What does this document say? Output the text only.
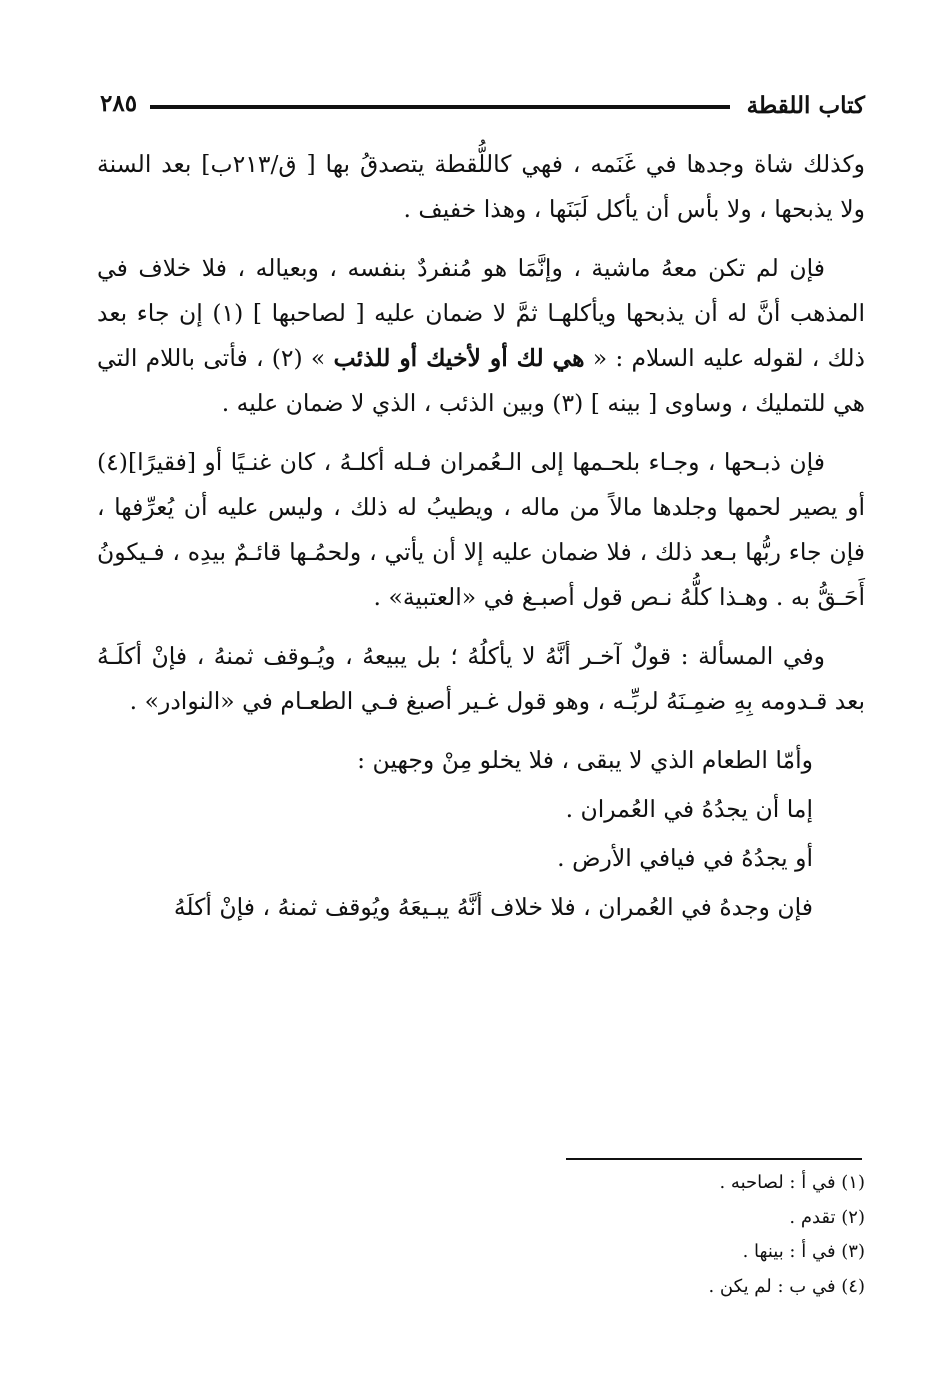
كتاب اللقطة
٢٨٥

وكذلك شاة وجدها في غَنَمه ، فهي كاللُّقطة يتصدقُ بها [ ق/٢١٣ب] بعد السنة ولا يذبحها ، ولا بأس أن يأكل لَبَنَها ، وهذا خفيف .

فإن لم تكن معهُ ماشية ، وإنَّمَا هو مُنفردٌ بنفسه ، وبعياله ، فلا خلاف في المذهب أنَّ له أن يذبحها ويأكلهـا ثمَّ لا ضمان عليه [ لصاحبها ] (١) إن جاء بعد ذلك ، لقوله عليه السلام : « هي لك أو لأخيك أو للذئب » (٢) ، فأتى باللام التي هي للتمليك ، وساوى [ بينه ] (٣) وبين الذئب ، الذي لا ضمان عليه .

فإن ذبـحها ، وجـاء بلحـمها إلى الـعُمران فـله أكلـهُ ، كان غنـيًا أو [فقيرًا](٤) أو يصير لحمها وجلدها مالاً من ماله ، ويطيبُ له ذلك ، وليس عليه أن يُعرِّفها ، فإن جاء ربُّها بـعد ذلك ، فلا ضمان عليه إلا أن يأتي ، ولحمُـها قائـمٌ بيدِه ، فـيكونُ أَحَـقُّ به . وهـذا كلُّهُ نـص قول أصبـغ في «العتبية» .

وفي المسألة : قولٌ آخـر أنَّهُ لا يأكلُهُ ؛ بل يبيعهُ ، ويُـوقف ثمنهُ ، فإنْ أكلَـهُ بعد قـدومه بِهِ ضمِـنَهُ لربِّـه ، وهو قول غـير أصبغ فـي الطعـام في «النوادر» .

وأمّا الطعام الذي لا يبقى ، فلا يخلو مِنْ وجهين :

إما أن يجدُهُ في العُمران .

أو يجدُهُ في فيافي الأرض .

فإن وجدهُ في العُمران ، فلا خلاف أنَّهُ يبـيعَهُ ويُوقف ثمنهُ ، فإنْ أكلَهُ

(١) في أ : لصاحبه .

(٢) تقدم .

(٣) في أ : بينها .

(٤) في ب : لم يكن .
